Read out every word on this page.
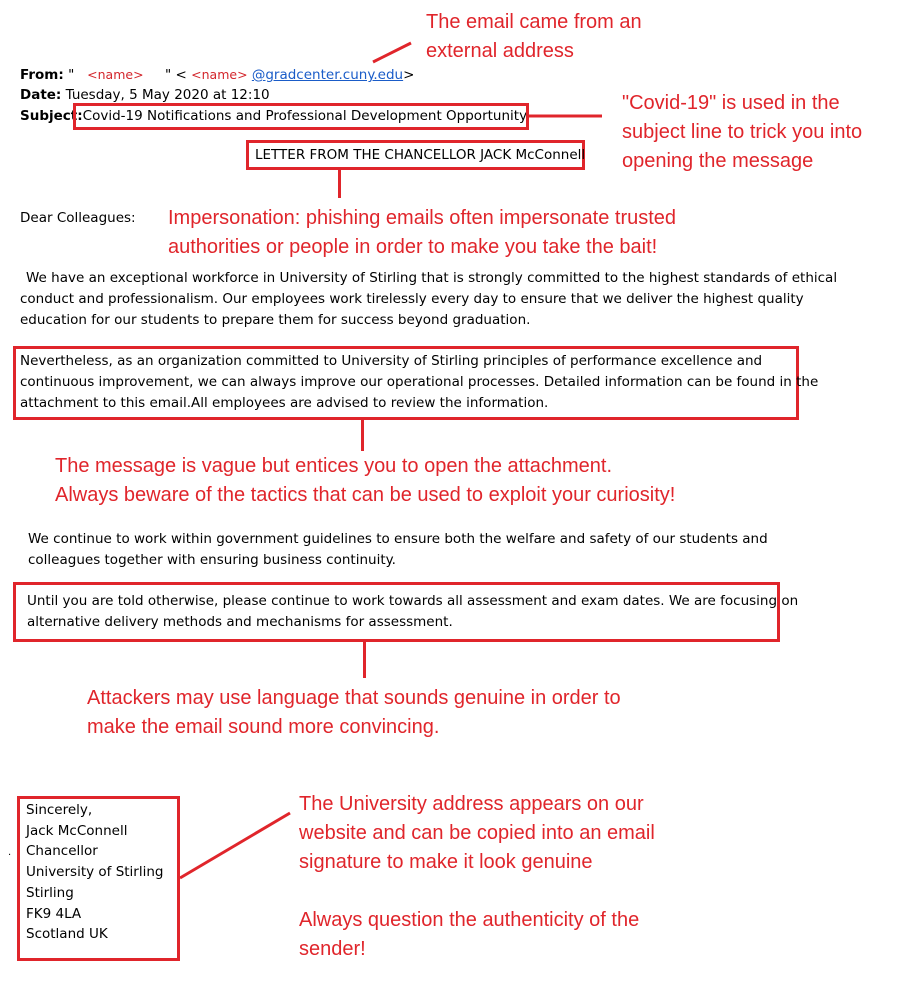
From: " <name> " < <name> @gradcenter.cuny.edu>
Date: Tuesday, 5 May 2020 at 12:10
Subject:Covid-19 Notifications and Professional Development Opportunity
LETTER FROM THE CHANCELLOR JACK McConnell
Dear Colleagues:
We have an exceptional workforce in University of Stirling that is strongly committed to the highest standards of ethical
conduct and professionalism. Our employees work tirelessly every day to ensure that we deliver the highest quality
education for our students to prepare them for success beyond graduation.
Nevertheless, as an organization committed to University of Stirling principles of performance excellence and
continuous improvement, we can always improve our operational processes. Detailed information can be found in the
attachment to this email.All employees are advised to review the information.
We continue to work within government guidelines to ensure both the welfare and safety of our students and
colleagues together with ensuring business continuity.
Until you are told otherwise, please continue to work towards all assessment and exam dates. We are focusing on
alternative delivery methods and mechanisms for assessment.
Sincerely,
Jack McConnell
Chancellor
University of Stirling
Stirling
FK9 4LA
Scotland UK
.
The email came from an
external address
"Covid-19" is used in the
subject line to trick you into
opening the message
Impersonation: phishing emails often impersonate trusted
authorities or people in order to make you take the bait!
The message is vague but entices you to open the attachment.
Always beware of the tactics that can be used to exploit your curiosity!
Attackers may use language that sounds genuine in order to
make the email sound more convincing.
The University address appears on our
website and can be copied into an email
signature to make it look genuine
Always question the authenticity of the
sender!
